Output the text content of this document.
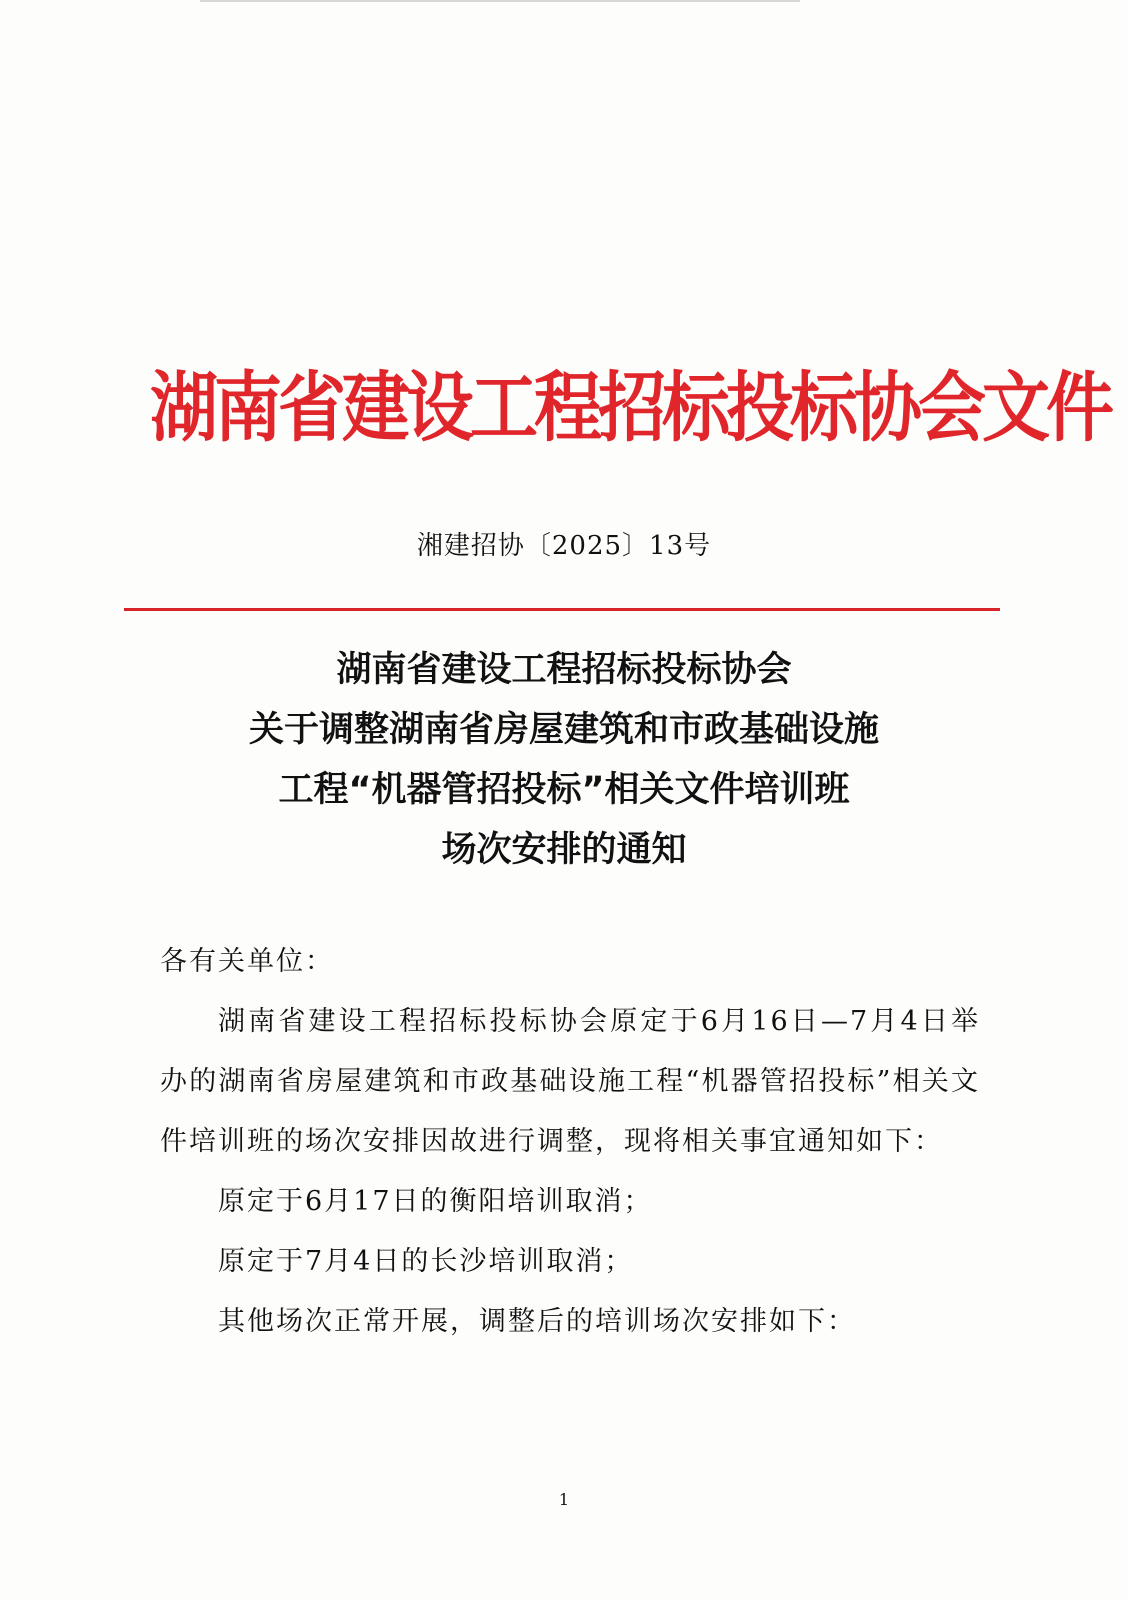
湖南省建设工程招标投标协会文件
湘建招协〔2025〕13号
湖南省建设工程招标投标协会
关于调整湖南省房屋建筑和市政基础设施
工程“机器管招投标”相关文件培训班
场次安排的通知

各有关单位：

湖南省建设工程招标投标协会原定于6月16日—7月4日举办的湖南省房屋建筑和市政基础设施工程“机器管招投标”相关文件培训班的场次安排因故进行调整，现将相关事宜通知如下：

原定于6月17日的衡阳培训取消；

原定于7月4日的长沙培训取消；

其他场次正常开展，调整后的培训场次安排如下：

1
